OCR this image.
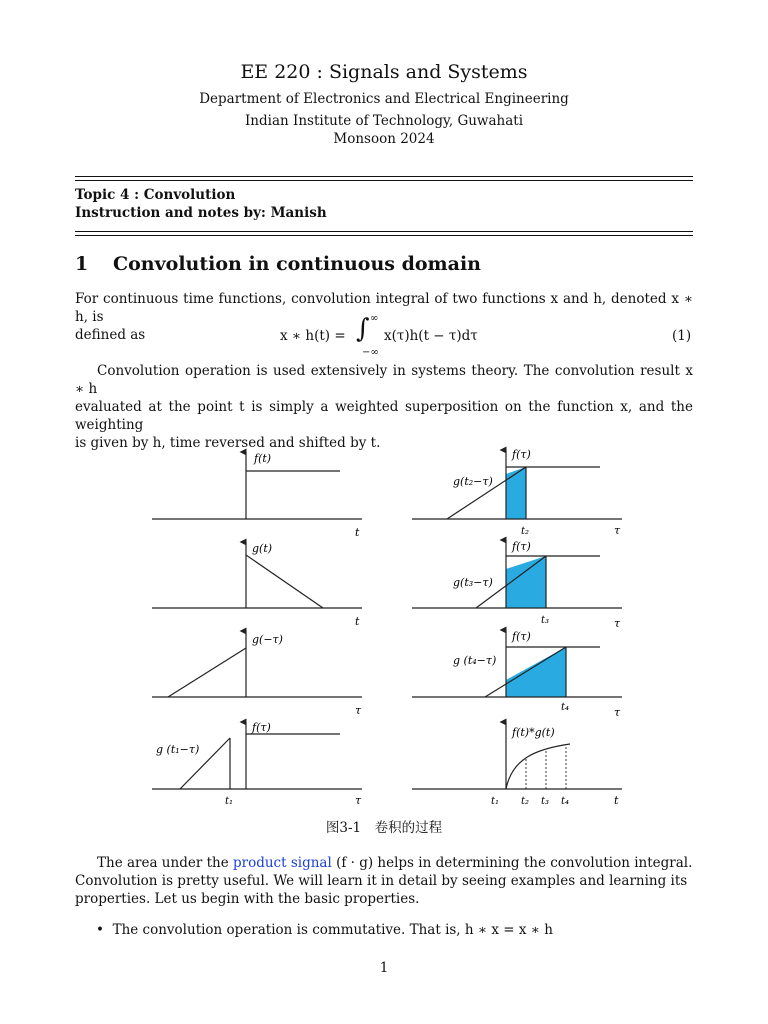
EE 220 : Signals and Systems
Department of Electronics and Electrical Engineering
Indian Institute of Technology, Guwahati
Monsoon 2024
Topic 4 : Convolution
Instruction and notes by: Manish
1 Convolution in continuous domain
For continuous time functions, convolution integral of two functions x and h, denoted x ∗ h, is
defined as	x ∗ h(t) = ∫ ∞
−∞
x(τ)h(t − τ)dτ	(1)
Convolution operation is used extensively in systems theory. The convolution result x ∗ h
evaluated at the point t is simply a weighted superposition on the function x, and the weighting
is given by h, time reversed and shifted by t.
f(t)
t
g(t)
t
g(−τ)
τ
f(τ)
g (t₁−τ)
t₁	τ
f(τ)
g(t₂−τ)
t₂	τ
f(τ)
g(t₃−τ)
t₃	τ
f(τ)
g (t₄−τ)
t₄	τ
f(t)*g(t)
t₁ t₂ t₃ t₄	t
图3-1　卷积的过程
The area under the product signal (f · g) helps in determining the convolution integral.
Convolution is pretty useful. We will learn it in detail by seeing examples and learning its
properties. Let us begin with the basic properties.
• The convolution operation is commutative. That is, h ∗ x = x ∗ h
1
